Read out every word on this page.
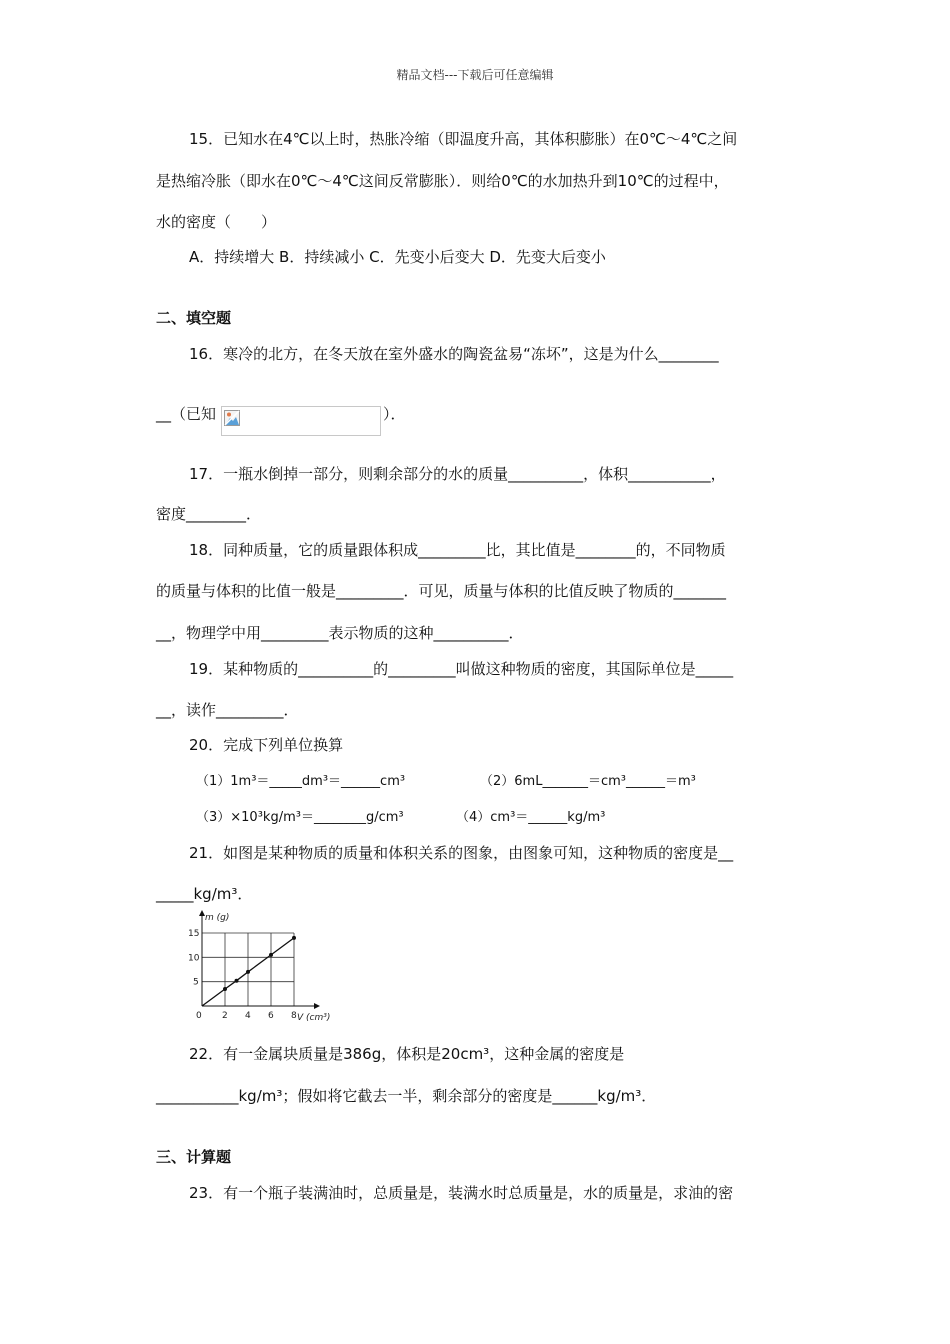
精品文档---下载后可任意编辑
15．已知水在4℃以上时，热胀冷缩（即温度升高，其体积膨胀）在0℃～4℃之间
是热缩冷胀（即水在0℃～4℃这间反常膨胀）．则给0℃的水加热升到10℃的过程中，
水的密度（　　）
A．持续增大 B．持续减小 C．先变小后变大 D．先变大后变小
二、填空题
16．寒冷的北方，在冬天放在室外盛水的陶瓷盆易“冻坏”，这是为什么________
__（已知	）．
17．一瓶水倒掉一部分，则剩余部分的水的质量__________，体积___________，
密度________．
18．同种质量，它的质量跟体积成_________比，其比值是________的，不同物质
的质量与体积的比值一般是_________．可见，质量与体积的比值反映了物质的_______
__，物理学中用_________表示物质的这种__________．
19．某种物质的__________的_________叫做这种物质的密度，其国际单位是_____
__，读作_________．
20．完成下列单位换算
（1）1m³＝_____dm³＝______cm³	（2）6mL_______＝cm³______＝m³
（3）×10³kg/m³＝________g/cm³	（4）cm³＝______kg/m³
21．如图是某种物质的质量和体积关系的图象，由图象可知，这种物质的密度是__
_____kg/m³．
0 2 4 6 8
5
10
15
m (g)
V (cm³)
22．有一金属块质量是386g，体积是20cm³，这种金属的密度是
___________kg/m³；假如将它截去一半，剩余部分的密度是______kg/m³．
三、计算题
23．有一个瓶子装满油时，总质量是，装满水时总质量是，水的质量是，求油的密
